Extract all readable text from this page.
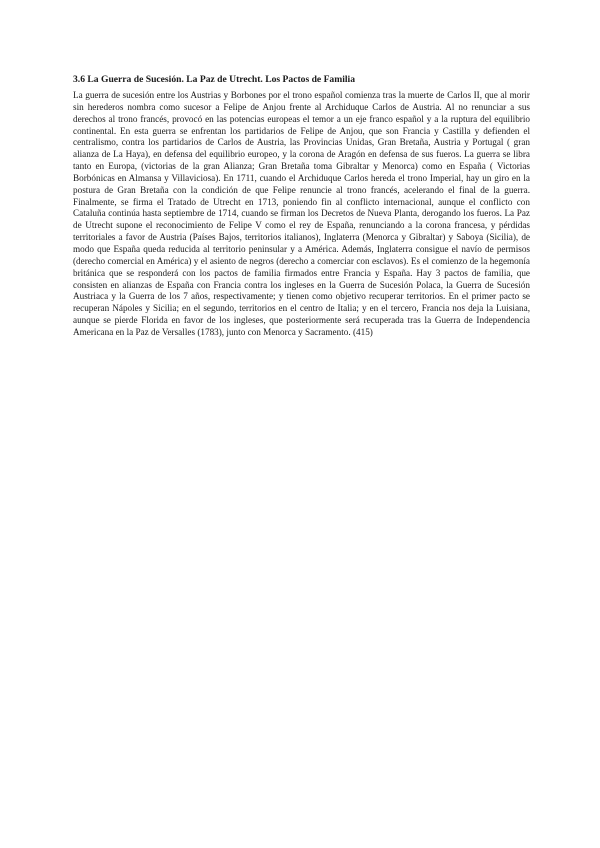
3.6 La Guerra de Sucesión. La Paz de Utrecht. Los Pactos de Familia

La guerra de sucesión entre los Austrias y Borbones por el trono español comienza tras la muerte de Carlos II, que al morir sin herederos nombra como sucesor a Felipe de Anjou frente al Archiduque Carlos de Austria. Al no renunciar a sus derechos al trono francés, provocó en las potencias europeas el temor a un eje franco español y a la ruptura del equilibrio continental. En esta guerra se enfrentan los partidarios de Felipe de Anjou, que son Francia y Castilla y defienden el centralismo, contra los partidarios de Carlos de Austria, las Provincias Unidas, Gran Bretaña, Austria y Portugal ( gran alianza de La Haya), en defensa del equilibrio europeo, y la corona de Aragón en defensa de sus fueros. La guerra se libra tanto en Europa, (victorias de la gran Alianza; Gran Bretaña toma Gibraltar y Menorca) como en España ( Victorias Borbónicas en Almansa y Villaviciosa). En 1711, cuando el Archiduque Carlos hereda el trono Imperial, hay un giro en la postura de Gran Bretaña con la condición de que Felipe renuncie al trono francés, acelerando el final de la guerra. Finalmente, se firma el Tratado de Utrecht en 1713, poniendo fin al conflicto internacional, aunque el conflicto con Cataluña continúa hasta septiembre de 1714, cuando se firman los Decretos de Nueva Planta, derogando los fueros. La Paz de Utrecht supone el reconocimiento de Felipe V como el rey de España, renunciando a la corona francesa, y pérdidas territoriales a favor de Austria (Países Bajos, territorios italianos), Inglaterra (Menorca y Gibraltar) y Saboya (Sicilia), de modo que España queda reducida al territorio peninsular y a América. Además, Inglaterra consigue el navío de permisos (derecho comercial en América) y el asiento de negros (derecho a comerciar con esclavos). Es el comienzo de la hegemonía británica que se responderá con los pactos de familia firmados entre Francia y España. Hay 3 pactos de familia, que consisten en alianzas de España con Francia contra los ingleses en la Guerra de Sucesión Polaca, la Guerra de Sucesión Austriaca y la Guerra de los 7 años, respectivamente; y tienen como objetivo recuperar territorios. En el primer pacto se recuperan Nápoles y Sicilia; en el segundo, territorios en el centro de Italia; y en el tercero, Francia nos deja la Luisiana, aunque se pierde Florida en favor de los ingleses, que posteriormente será recuperada tras la Guerra de Independencia Americana en la Paz de Versalles (1783), junto con Menorca y Sacramento. (415)
